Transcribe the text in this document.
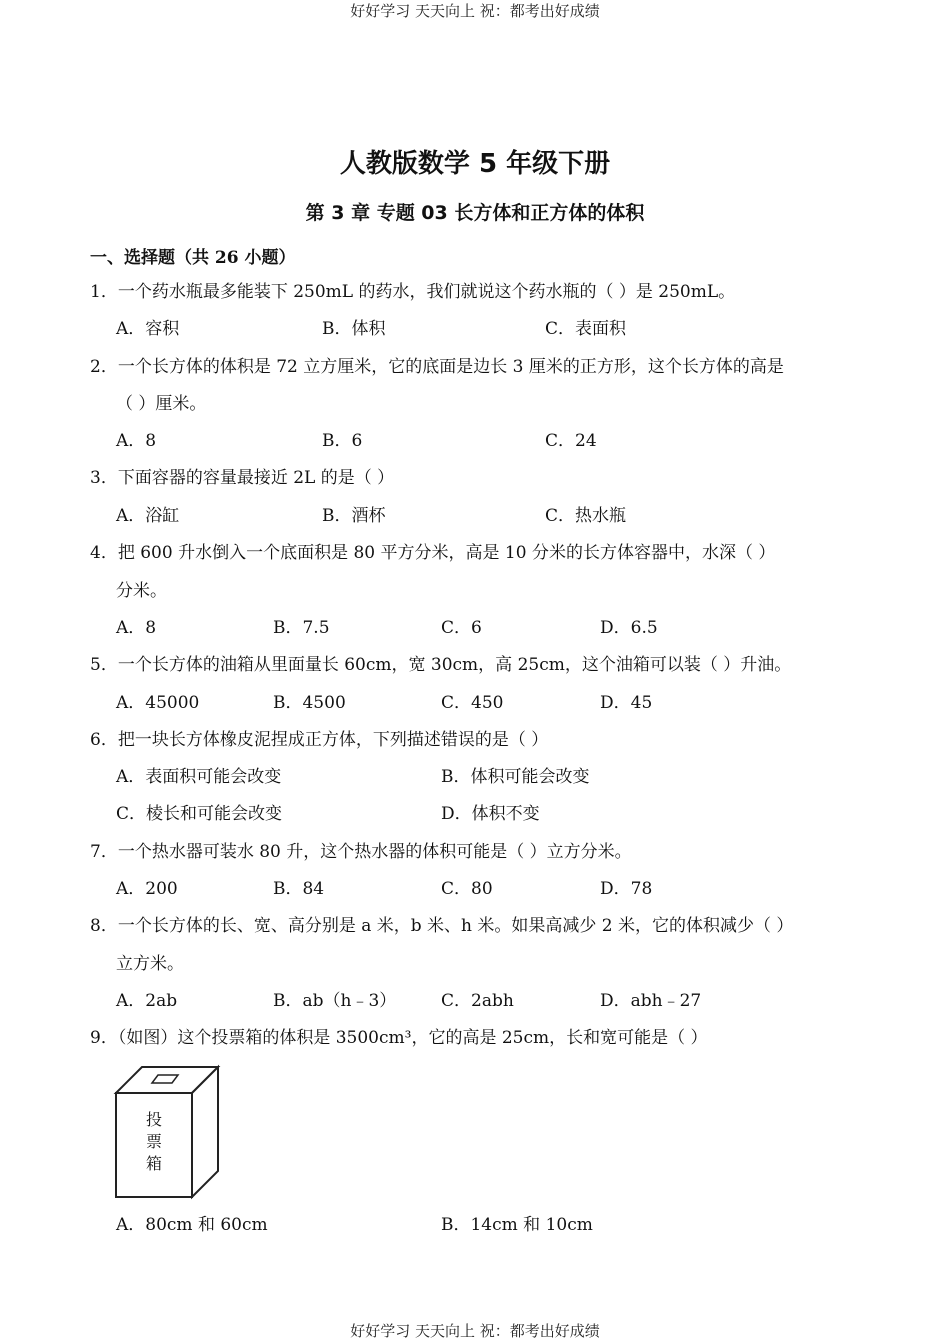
好好学习 天天向上 祝：都考出好成绩
人教版数学 5 年级下册
第 3 章 专题 03 长方体和正方体的体积
一、选择题（共 26 小题）
1．一个药水瓶最多能装下 250mL 的药水，我们就说这个药水瓶的（ ）是 250mL。
A．容积	B．体积	C．表面积
2．一个长方体的体积是 72 立方厘米，它的底面是边长 3 厘米的正方形，这个长方体的高是
（ ）厘米。
A．8	B．6	C．24
3．下面容器的容量最接近 2L 的是（ ）
A．浴缸	B．酒杯	C．热水瓶
4．把 600 升水倒入一个底面积是 80 平方分米，高是 10 分米的长方体容器中，水深（ ）
分米。
A．8	B．7.5	C．6	D．6.5
5．一个长方体的油箱从里面量长 60cm，宽 30cm，高 25cm，这个油箱可以装（ ）升油。
A．45000	B．4500	C．450	D．45
6．把一块长方体橡皮泥捏成正方体，下列描述错误的是（ ）
A．表面积可能会改变	B．体积可能会改变
C．棱长和可能会改变	D．体积不变
7．一个热水器可装水 80 升，这个热水器的体积可能是（ ）立方分米。
A．200	B．84	C．80	D．78
8．一个长方体的长、宽、高分别是 a 米，b 米、h 米。如果高减少 2 米，它的体积减少（ ）
立方米。
A．2ab	B．ab（h﹣3）	C．2abh	D．abh﹣27
9．（如图）这个投票箱的体积是 3500cm³，它的高是 25cm，长和宽可能是（ ）
投
票
箱
A．80cm 和 60cm	B．14cm 和 10cm
好好学习 天天向上 祝：都考出好成绩
